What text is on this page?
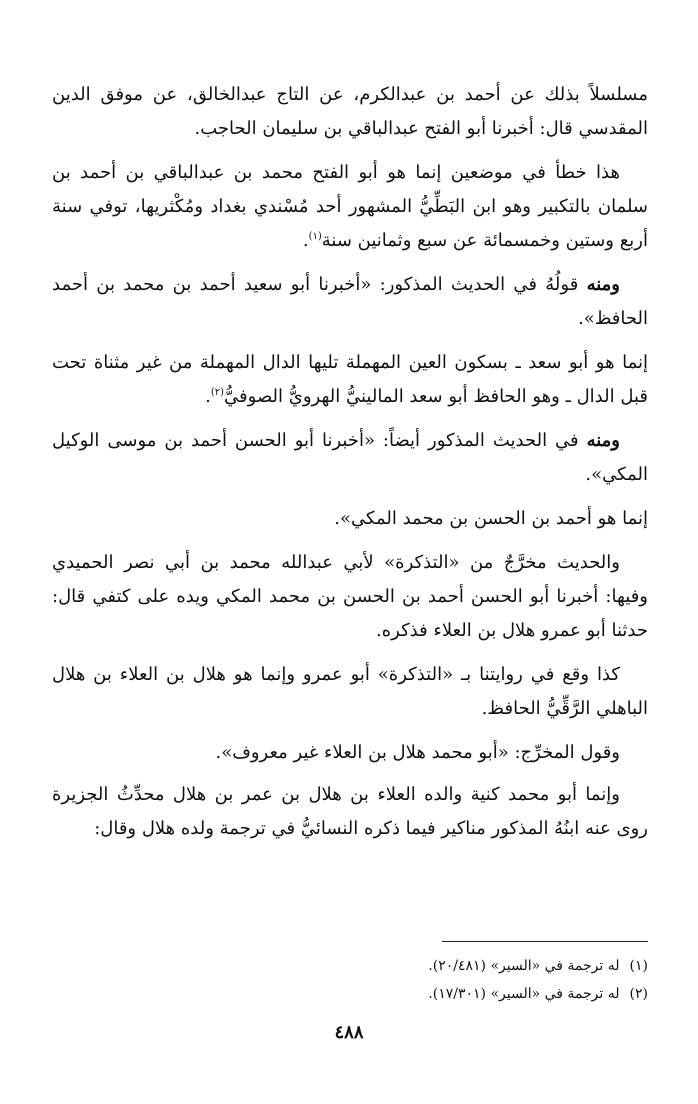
مسلسلاً بذلك عن أحمد بن عبدالكرم، عن التاج عبدالخالق، عن موفق الدين المقدسي قال: أخبرنا أبو الفتح عبدالباقي بن سليمان الحاجب.

هذا خطأ في موضعين إنما هو أبو الفتح محمد بن عبدالباقي بن أحمد بن سلمان بالتكبير وهو ابن البَطِّيُّ المشهور أحد مُسْندي بغداد ومُكْثريها، توفي سنة أربع وستين وخمسمائة عن سبع وثمانين سنة$^{(١)}$.

ومنه قولُهُ في الحديث المذكور: «أخبرنا أبو سعيد أحمد بن محمد بن أحمد الحافظ».

إنما هو أبو سعد ـ بسكون العين المهملة تليها الدال المهملة من غير مثناة تحت قبل الدال ـ وهو الحافظ أبو سعد المالينيُّ الهرويُّ الصوفيُّ$^{(٢)}$.

ومنه في الحديث المذكور أيضاً: «أخبرنا أبو الحسن أحمد بن موسى الوكيل المكي».

إنما هو أحمد بن الحسن بن محمد المكي».

والحديث مخرَّجٌ من «التذكرة» لأبي عبدالله محمد بن أبي نصر الحميدي وفيها: أخبرنا أبو الحسن أحمد بن الحسن بن محمد المكي ويده على كتفي قال: حدثنا أبو عمرو هلال بن العلاء فذكره.

كذا وقع في روايتنا بـ «التذكرة» أبو عمرو وإنما هو هلال بن العلاء بن هلال الباهلي الرَّقِّيُّ الحافظ.

وقول المخرِّج: «أبو محمد هلال بن العلاء غير معروف».

وإنما أبو محمد كنية والده العلاء بن هلال بن عمر بن هلال محدِّثُ الجزيرة روى عنه ابنُهُ المذكور مناكير فيما ذكره النسائيُّ في ترجمة ولده هلال وقال:

(١)له ترجمة في «السير» (٢٠/٤٨١).

(٢)له ترجمة في «السير» (١٧/٣٠١).

٤٨٨
